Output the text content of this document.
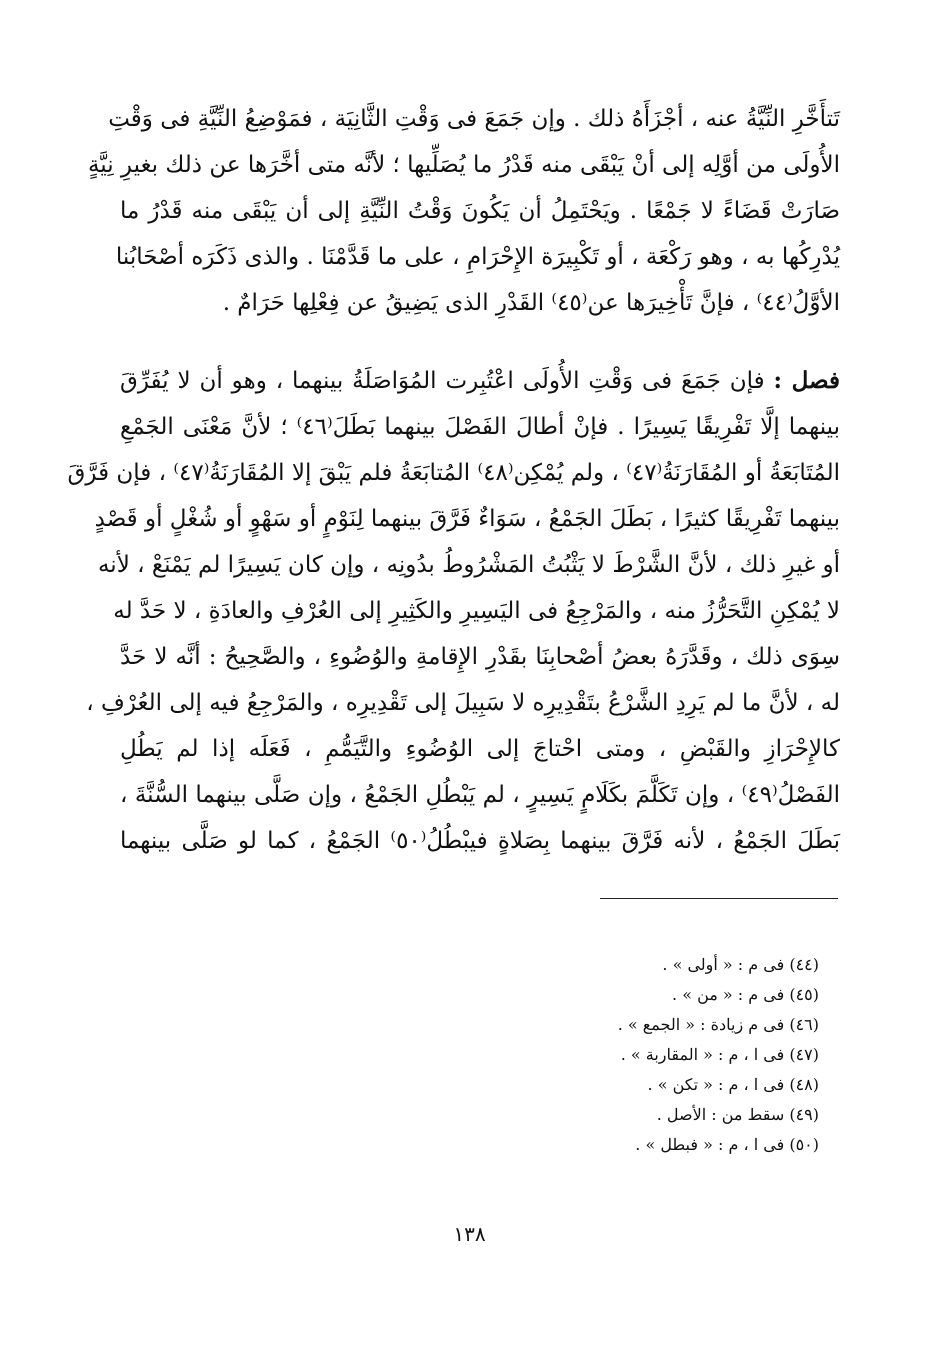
تَتأَخَّرِ النِّيَّةُ عنه ، أجْزَأَهُ ذلك . وإن جَمَعَ فى وَقْتِ الثَّانِيَة ، فمَوْضِعُ النِّيَّةِ فى وَقْتِ
الأُولَى من أوَّلِه إلى أنْ يَبْقَى منه قَدْرُ ما يُصَلِّيها ؛ لأنَّه متى أخَّرَها عن ذلك بغيرِ نِيَّةٍ
صَارَتْ قَضَاءً لا جَمْعًا . ويَحْتَمِلُ أن يَكُونَ وَقْتُ النِّيَّةِ إلى أن يَبْقَى منه قَدْرُ ما
يُدْرِكُها به ، وهو رَكْعَة ، أو تَكْبِيرَة الإِحْرَامِ ، على ما قَدَّمْنَا . والذى ذَكَرَه أصْحَابُنا
الأوَّلُ⁽٤٤⁾ ، فإنَّ تَأْخِيرَها عن⁽٤٥⁾ القَدْرِ الذى يَضِيقُ عن فِعْلِها حَرَامٌ .
فصل : فإن جَمَعَ فى وَقْتِ الأُولَى اعْتُبِرت المُوَاصَلَةُ بينهما ، وهو أن لا يُفَرِّقَ
بينهما إلَّا تَفْرِيقًا يَسِيرًا . فإنْ أطالَ الفَصْلَ بينهما بَطَلَ⁽٤٦⁾ ؛ لأنَّ مَعْنَى الجَمْعِ
المُتَابَعَةُ أو المُقَارَنَةُ⁽٤٧⁾ ، ولم يُمْكِن⁽٤٨⁾ المُتابَعَةُ فلم يَبْقَ إلا المُقَارَنَةُ⁽٤٧⁾ ، فإن فَرَّقَ
بينهما تَفْرِيقًا كثيرًا ، بَطَلَ الجَمْعُ ، سَوَاءٌ فَرَّقَ بينهما لِنَوْمٍ أو سَهْوٍ أو شُغْلٍ أو قَصْدٍ
أو غيرِ ذلك ، لأنَّ الشَّرْطَ لا يَثْبُتُ المَشْرُوطُ بدُونِه ، وإن كان يَسِيرًا لم يَمْنَعْ ، لأنه
لا يُمْكِنِ التَّحَرُّزُ منه ، والمَرْجِعُ فى اليَسِيرِ والكَثِيرِ إلى العُرْفِ والعادَةِ ، لا حَدَّ له
سِوَى ذلك ، وقَدَّرَهُ بعضُ أصْحابِنَا بقَدْرِ الإِقامةِ والوُضُوءِ ، والصَّحِيحُ : أنَّه لا حَدَّ
له ، لأنَّ ما لم يَرِدِ الشَّرْعُ بتَقْدِيرِه لا سَبِيلَ إلى تَقْدِيرِه ، والمَرْجِعُ فيه إلى العُرْفِ ،
كالإِحْرَازِ والقَبْضِ ، ومتى احْتاجَ إلى الوُضُوءِ والتَّيَمُّمِ ، فَعَلَه إذا لم يَطُلِ
الفَصْلُ⁽٤٩⁾ ، وإن تَكَلَّمَ بكَلَامٍ يَسِيرٍ ، لم يَبْطُلِ الجَمْعُ ، وإن صَلَّى بينهما السُّنَّةَ ،
بَطَلَ الجَمْعُ ، لأنه فَرَّقَ بينهما بِصَلاةٍ فيبْطُلُ⁽٥٠⁾ الجَمْعُ ، كما لو صَلَّى بينهما
(٤٤) فى م : « أولى » .
(٤٥) فى م : « من » .
(٤٦) فى م زيادة : « الجمع » .
(٤٧) فى ا ، م : « المقاربة » .
(٤٨) فى ا ، م : « تكن » .
(٤٩) سقط من : الأصل .
(٥٠) فى ا ، م : « فبطل » .
١٣٨
